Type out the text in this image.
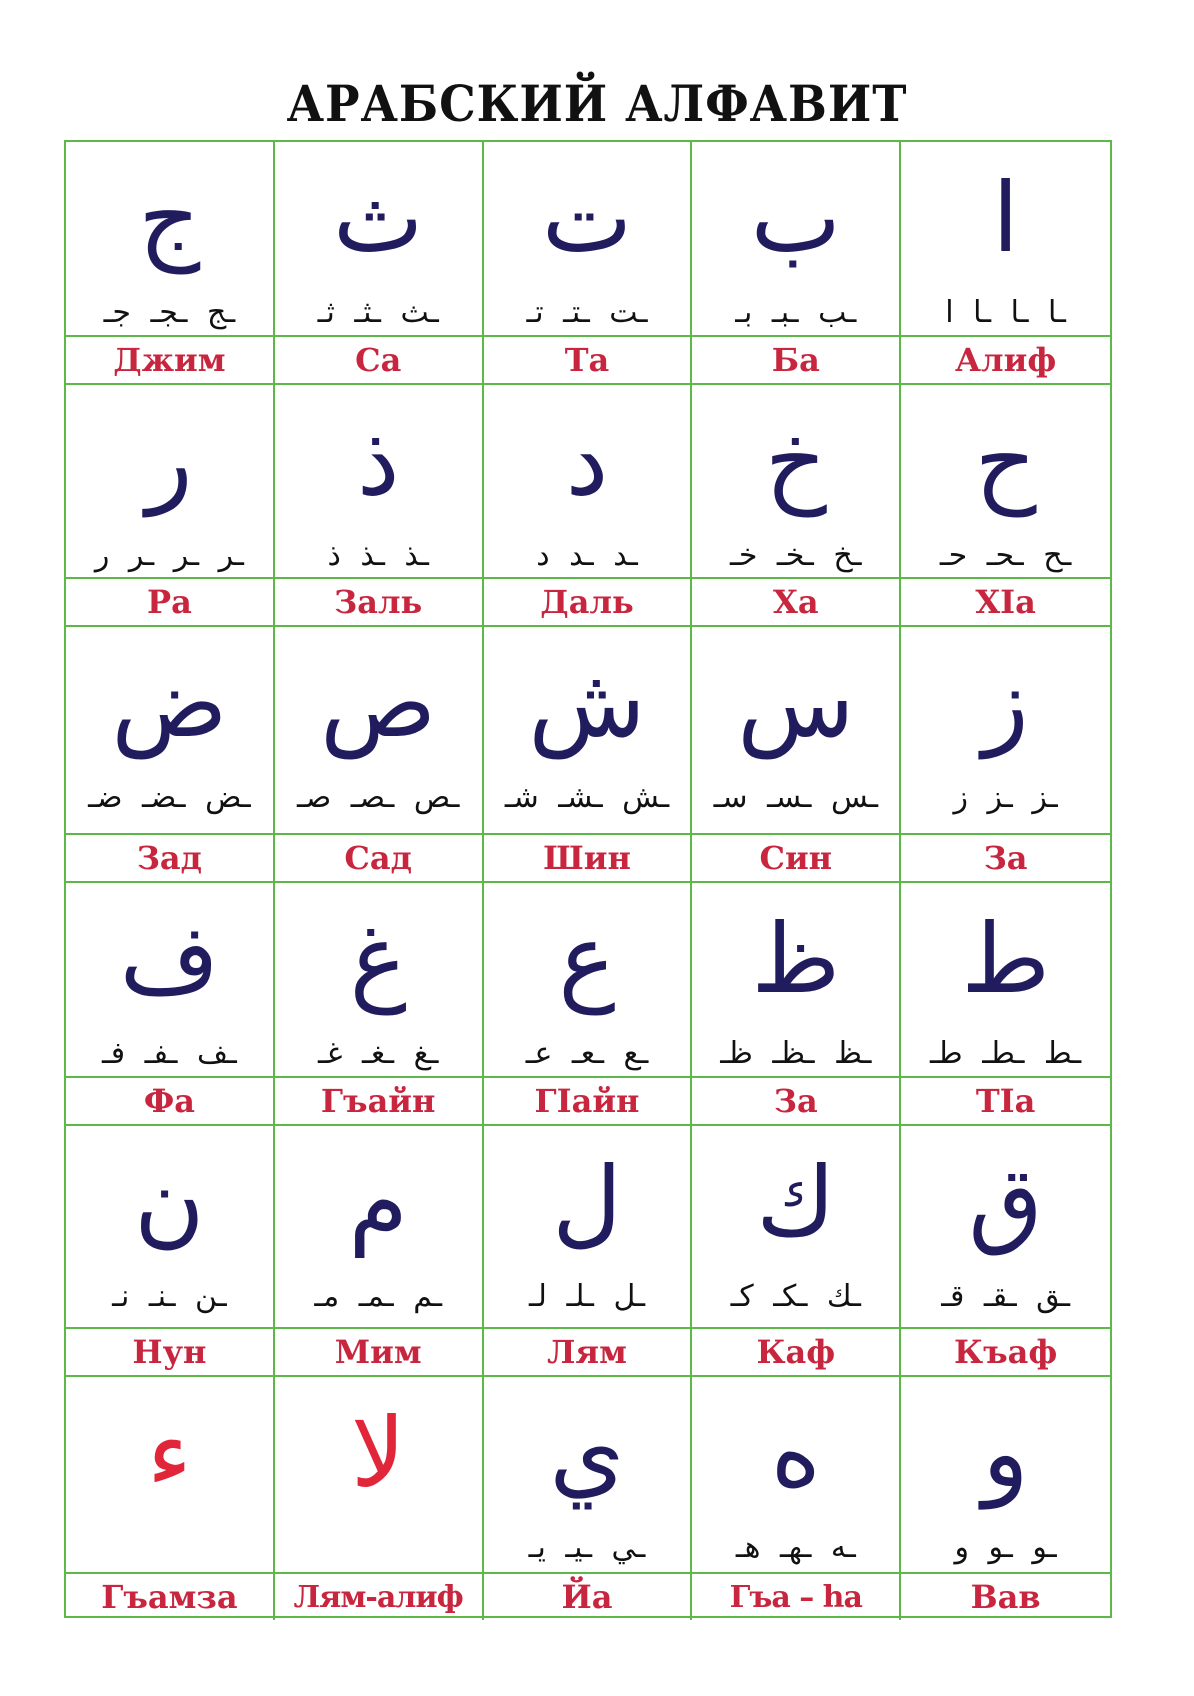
АРАБСКИЙ АЛФАВИТ
ج
ـج ـجـ جـ
Джим
ث
ـث ـثـ ثـ
Са
ت
ـت ـتـ تـ
Та
ب
ـب ـبـ بـ
Ба
ا
ـا ـا ـا ا
Алиф
ر
ـر ـر ـر ر
Ра
ذ
ـذ ـذ ذ
Заль
د
ـد ـد د
Даль
خ
ـخ ـخـ خـ
Ха
ح
ـح ـحـ حـ
ХIа
ض
ـض ـضـ ضـ
Зад
ص
ـص ـصـ صـ
Сад
ش
ـش ـشـ شـ
Шин
س
ـس ـسـ سـ
Син
ز
ـز ـز ز
За
ف
ـف ـفـ فـ
Фа
غ
ـغ ـغـ غـ
Гъайн
ع
ـع ـعـ عـ
ГIайн
ظ
ـظ ـظـ ظـ
За
ط
ـط ـطـ طـ
ТIа
ن
ـن ـنـ نـ
Нун
م
ـم ـمـ مـ
Мим
ل
ـل ـلـ لـ
Лям
ك
ـك ـكـ كـ
Каф
ق
ـق ـقـ قـ
Къаф
ء
Гъамза
لا
Лям-алиф
ي
ـي ـيـ يـ
Йа
ه
ـه ـهـ هـ
Гъа – ha
و
ـو ـو و
Вав
